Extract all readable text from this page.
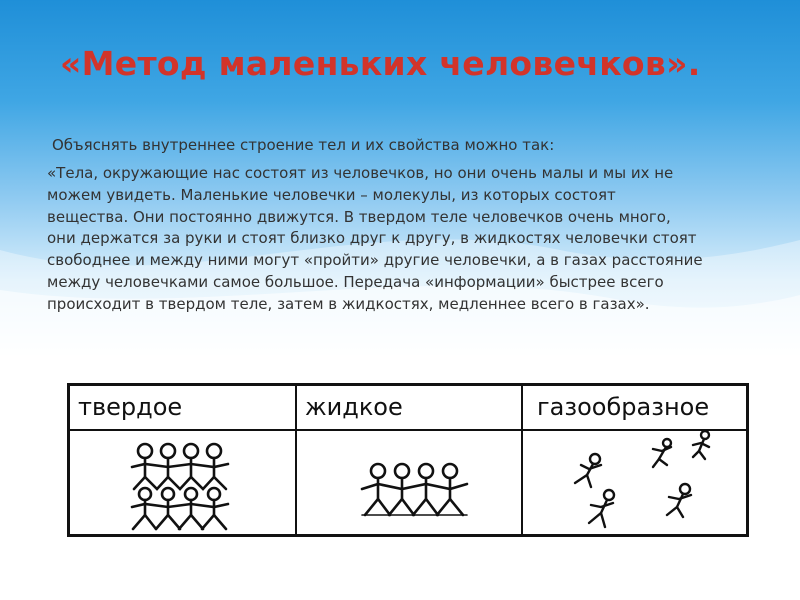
«Метод маленьких человечков».
Объяснять внутреннее строение тел и их свойства можно так:
«Тела, окружающие нас состоят из человечков, но они очень малы и мы их не
можем увидеть. Маленькие человечки – молекулы, из которых состоят
вещества. Они постоянно движутся. В твердом теле человечков очень много,
они держатся за руки и стоят близко друг к другу, в жидкостях человечки стоят
свободнее и между ними могут «пройти» другие человечки, а в газах расстояние
между человечками самое большое. Передача «информации» быстрее всего
происходит в твердом теле, затем в жидкостях, медленнее всего в газах».
твердое	жидкое	газообразное
